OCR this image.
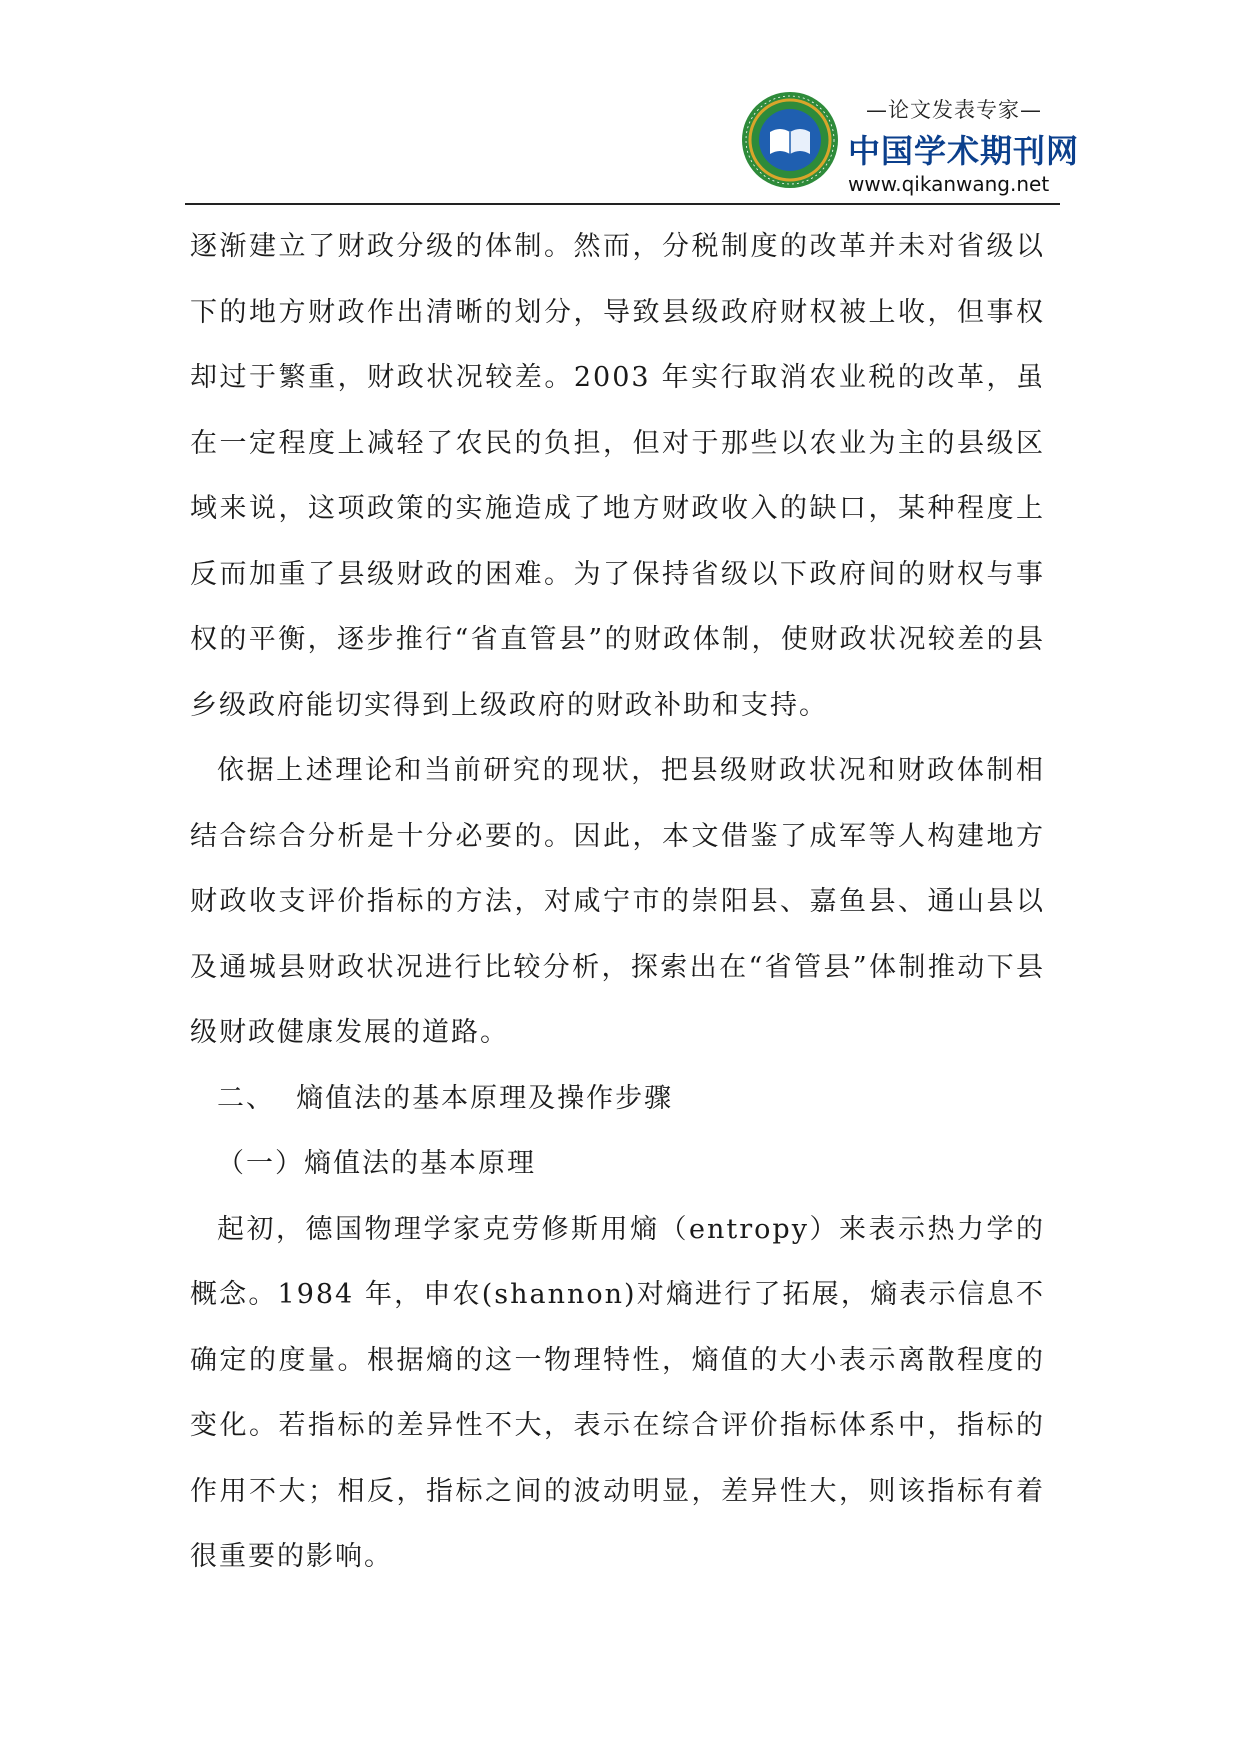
—论文发表专家—
中国学术期刊网
www.qikanwang.net

逐渐建立了财政分级的体制。然而，分税制度的改革并未对省级以下的地方财政作出清晰的划分，导致县级政府财权被上收，但事权却过于繁重，财政状况较差。2003 年实行取消农业税的改革，虽在一定程度上减轻了农民的负担，但对于那些以农业为主的县级区域来说，这项政策的实施造成了地方财政收入的缺口，某种程度上反而加重了县级财政的困难。为了保持省级以下政府间的财权与事权的平衡，逐步推行“省直管县”的财政体制，使财政状况较差的县乡级政府能切实得到上级政府的财政补助和支持。

依据上述理论和当前研究的现状，把县级财政状况和财政体制相结合综合分析是十分必要的。因此，本文借鉴了成军等人构建地方财政收支评价指标的方法，对咸宁市的崇阳县、嘉鱼县、通山县以及通城县财政状况进行比较分析，探索出在“省管县”体制推动下县级财政健康发展的道路。

二、  熵值法的基本原理及操作步骤

（一）熵值法的基本原理

起初，德国物理学家克劳修斯用熵（entropy）来表示热力学的概念。1984 年，申农(shannon)对熵进行了拓展，熵表示信息不确定的度量。根据熵的这一物理特性，熵值的大小表示离散程度的变化。若指标的差异性不大，表示在综合评价指标体系中，指标的作用不大；相反，指标之间的波动明显，差异性大，则该指标有着很重要的影响。
